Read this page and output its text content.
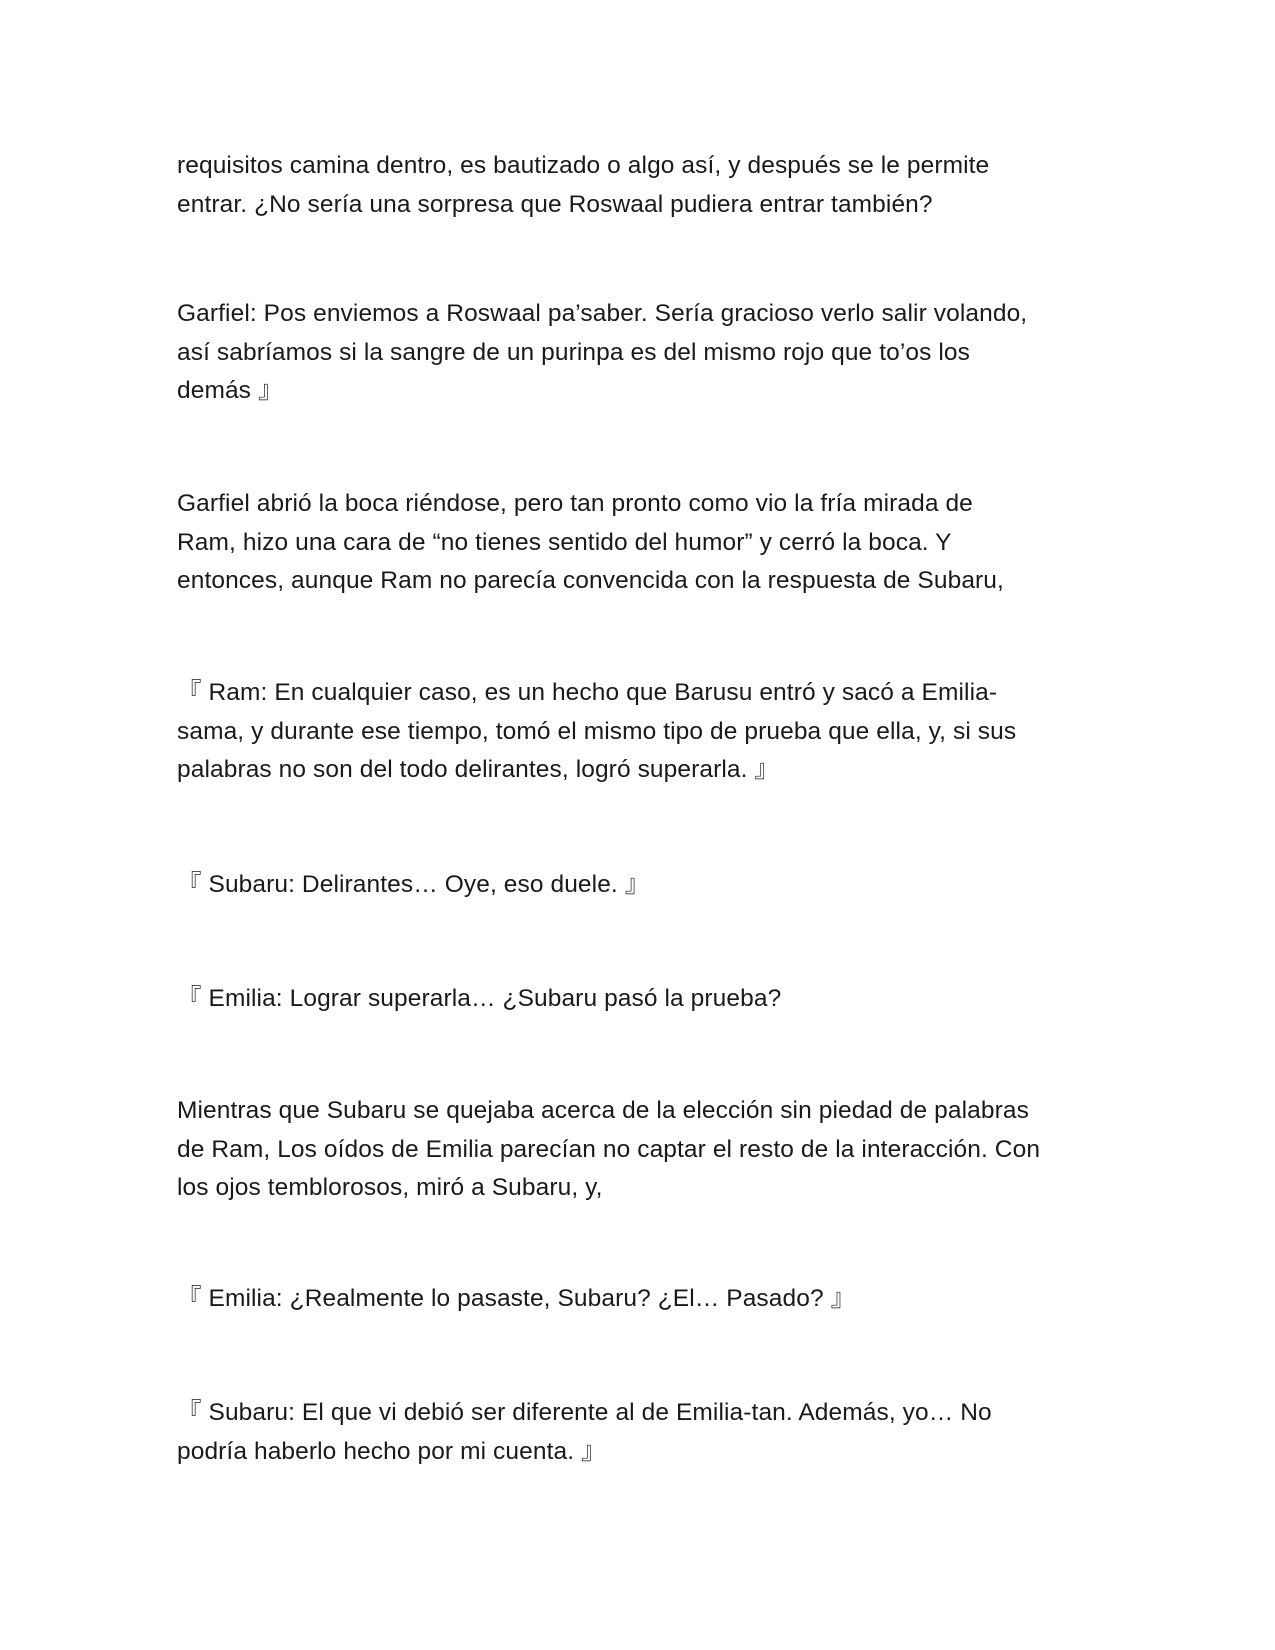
requisitos camina dentro, es bautizado o algo así, y después se le permite
entrar. ¿No sería una sorpresa que Roswaal pudiera entrar también?

Garfiel: Pos enviemos a Roswaal pa’saber. Sería gracioso verlo salir volando,
así sabríamos si la sangre de un purinpa es del mismo rojo que to’os los
demás 』

Garfiel abrió la boca riéndose, pero tan pronto como vio la fría mirada de
Ram, hizo una cara de “no tienes sentido del humor” y cerró la boca. Y
entonces, aunque Ram no parecía convencida con la respuesta de Subaru,

『 Ram: En cualquier caso, es un hecho que Barusu entró y sacó a Emilia-
sama, y durante ese tiempo, tomó el mismo tipo de prueba que ella, y, si sus
palabras no son del todo delirantes, logró superarla. 』

『 Subaru: Delirantes… Oye, eso duele. 』

『 Emilia: Lograr superarla… ¿Subaru pasó la prueba?

Mientras que Subaru se quejaba acerca de la elección sin piedad de palabras
de Ram, Los oídos de Emilia parecían no captar el resto de la interacción. Con
los ojos temblorosos, miró a Subaru, y,

『 Emilia: ¿Realmente lo pasaste, Subaru? ¿El… Pasado? 』

『 Subaru: El que vi debió ser diferente al de Emilia-tan. Además, yo… No
podría haberlo hecho por mi cuenta. 』
